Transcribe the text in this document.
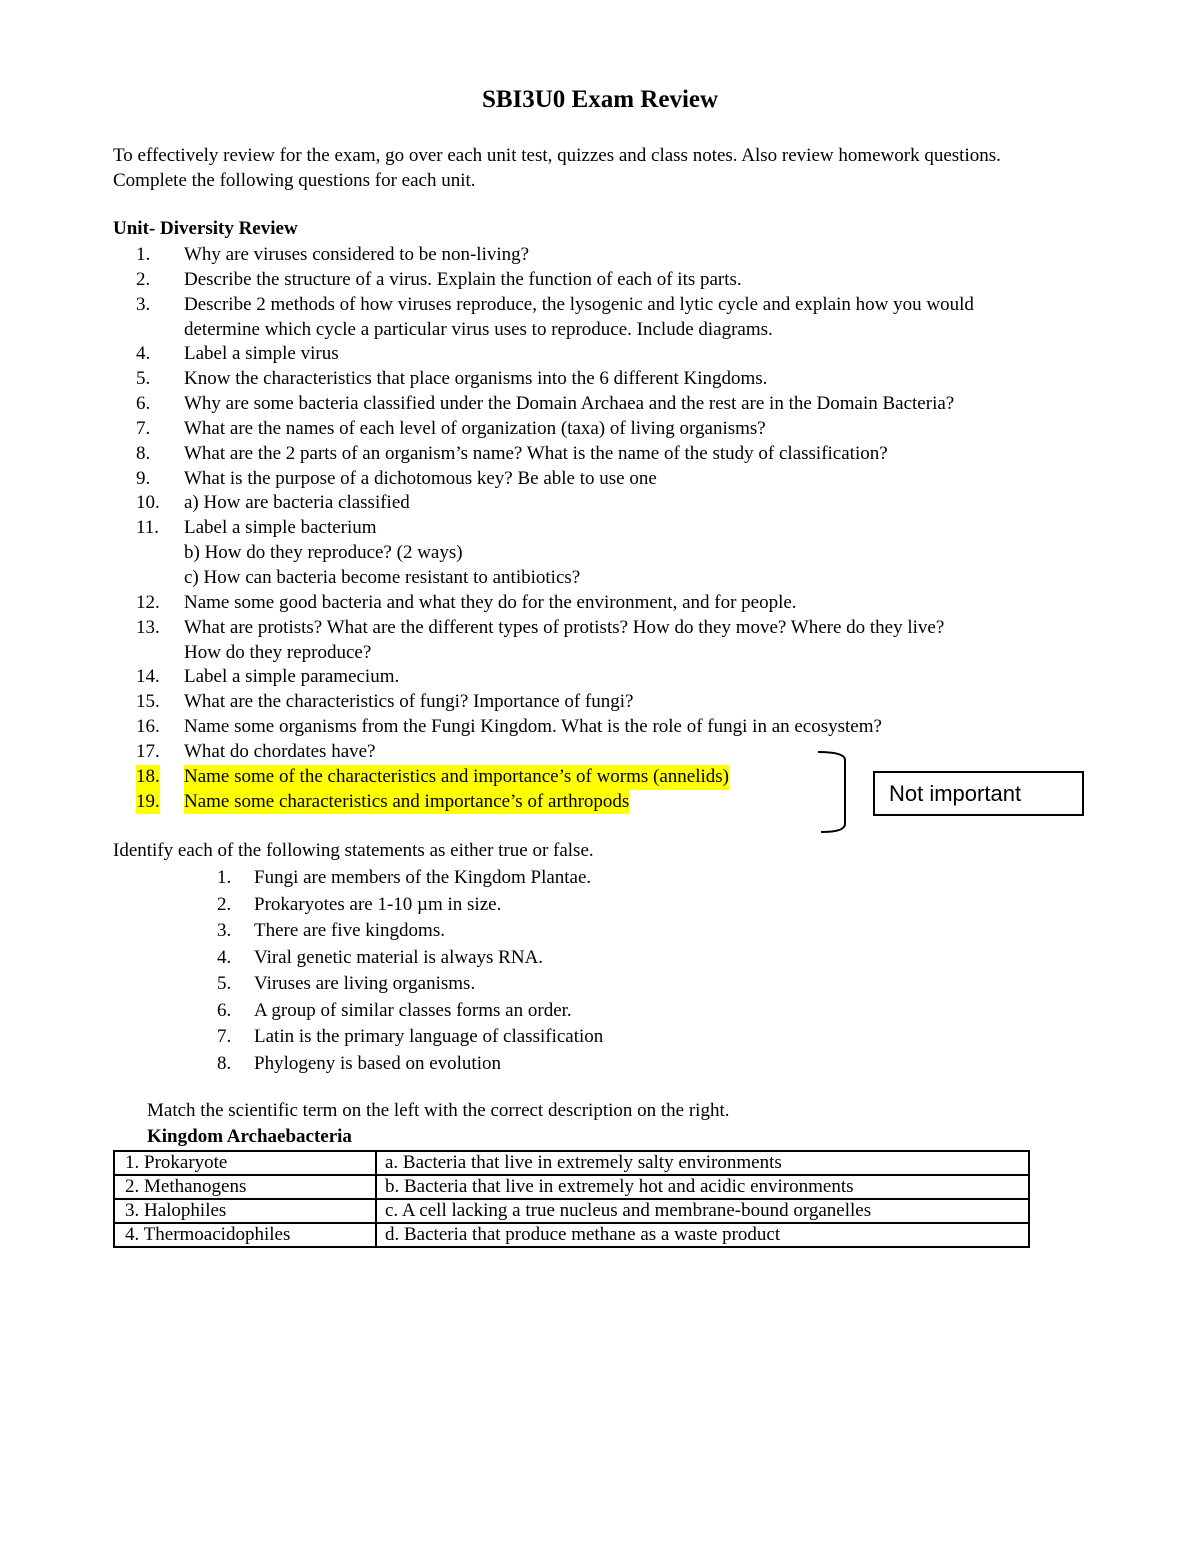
SBI3U0 Exam Review

To effectively review for the exam, go over each unit test, quizzes and class notes. Also review homework questions. Complete the following questions for each unit.

Unit- Diversity Review

1. Why are viruses considered to be non-living?
2. Describe the structure of a virus. Explain the function of each of its parts.
3. Describe 2 methods of how viruses reproduce, the lysogenic and lytic cycle and explain how you would
determine which cycle a particular virus uses to reproduce. Include diagrams.
4. Label a simple virus
5. Know the characteristics that place organisms into the 6 different Kingdoms.
6. Why are some bacteria classified under the Domain Archaea and the rest are in the Domain Bacteria?
7. What are the names of each level of organization (taxa) of living organisms?
8. What are the 2 parts of an organism’s name? What is the name of the study of classification?
9. What is the purpose of a dichotomous key? Be able to use one
10. a) How are bacteria classified
11. Label a simple bacterium
b) How do they reproduce? (2 ways)
c) How can bacteria become resistant to antibiotics?
12. Name some good bacteria and what they do for the environment, and for people.
13. What are protists? What are the different types of protists? How do they move? Where do they live?
How do they reproduce?
14. Label a simple paramecium.
15. What are the characteristics of fungi? Importance of fungi?
16. Name some organisms from the Fungi Kingdom. What is the role of fungi in an ecosystem?
17. What do chordates have?
18. Name some of the characteristics and importance’s of worms (annelids)
19. Name some characteristics and importance’s of arthropods	Not important

Identify each of the following statements as either true or false.

1. Fungi are members of the Kingdom Plantae.
2. Prokaryotes are 1-10 µm in size.
3. There are five kingdoms.
4. Viral genetic material is always RNA.
5. Viruses are living organisms.
6. A group of similar classes forms an order.
7. Latin is the primary language of classification
8. Phylogeny is based on evolution

Match the scientific term on the left with the correct description on the right.

Kingdom Archaebacteria

1. Prokaryote	a. Bacteria that live in extremely salty environments
2. Methanogens	b. Bacteria that live in extremely hot and acidic environments
3. Halophiles	c. A cell lacking a true nucleus and membrane-bound organelles
4. Thermoacidophiles	d. Bacteria that produce methane as a waste product
